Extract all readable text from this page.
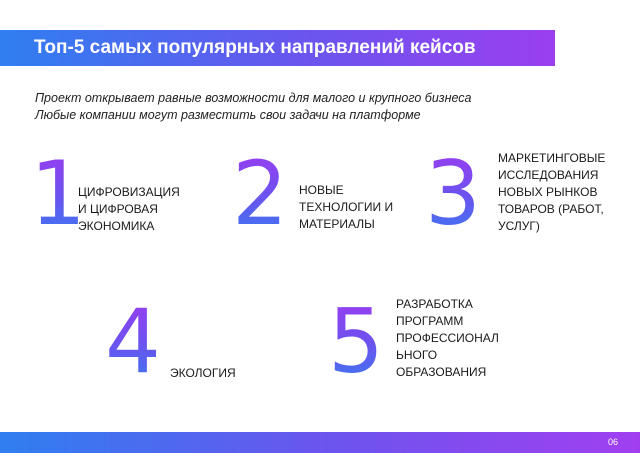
Топ-5 самых популярных направлений кейсов
Проект открывает равные возможности для малого и крупного бизнеса
Любые компании могут разместить свои задачи на платформе
1
ЦИФРОВИЗАЦИЯ
И ЦИФРОВАЯ
ЭКОНОМИКА 2 НОВЫЕ
ТЕХНОЛОГИИ И
МАТЕРИАЛЫ 3 МАРКЕТИНГОВЫЕ
ИССЛЕДОВАНИЯ
НОВЫХ РЫНКОВ
ТОВАРОВ (РАБОТ,
УСЛУГ)
4 ЭКОЛОГИЯ 5 РАЗРАБОТКА
ПРОГРАММ
ПРОФЕССИОНАЛ
ЬНОГО
ОБРАЗОВАНИЯ
06
